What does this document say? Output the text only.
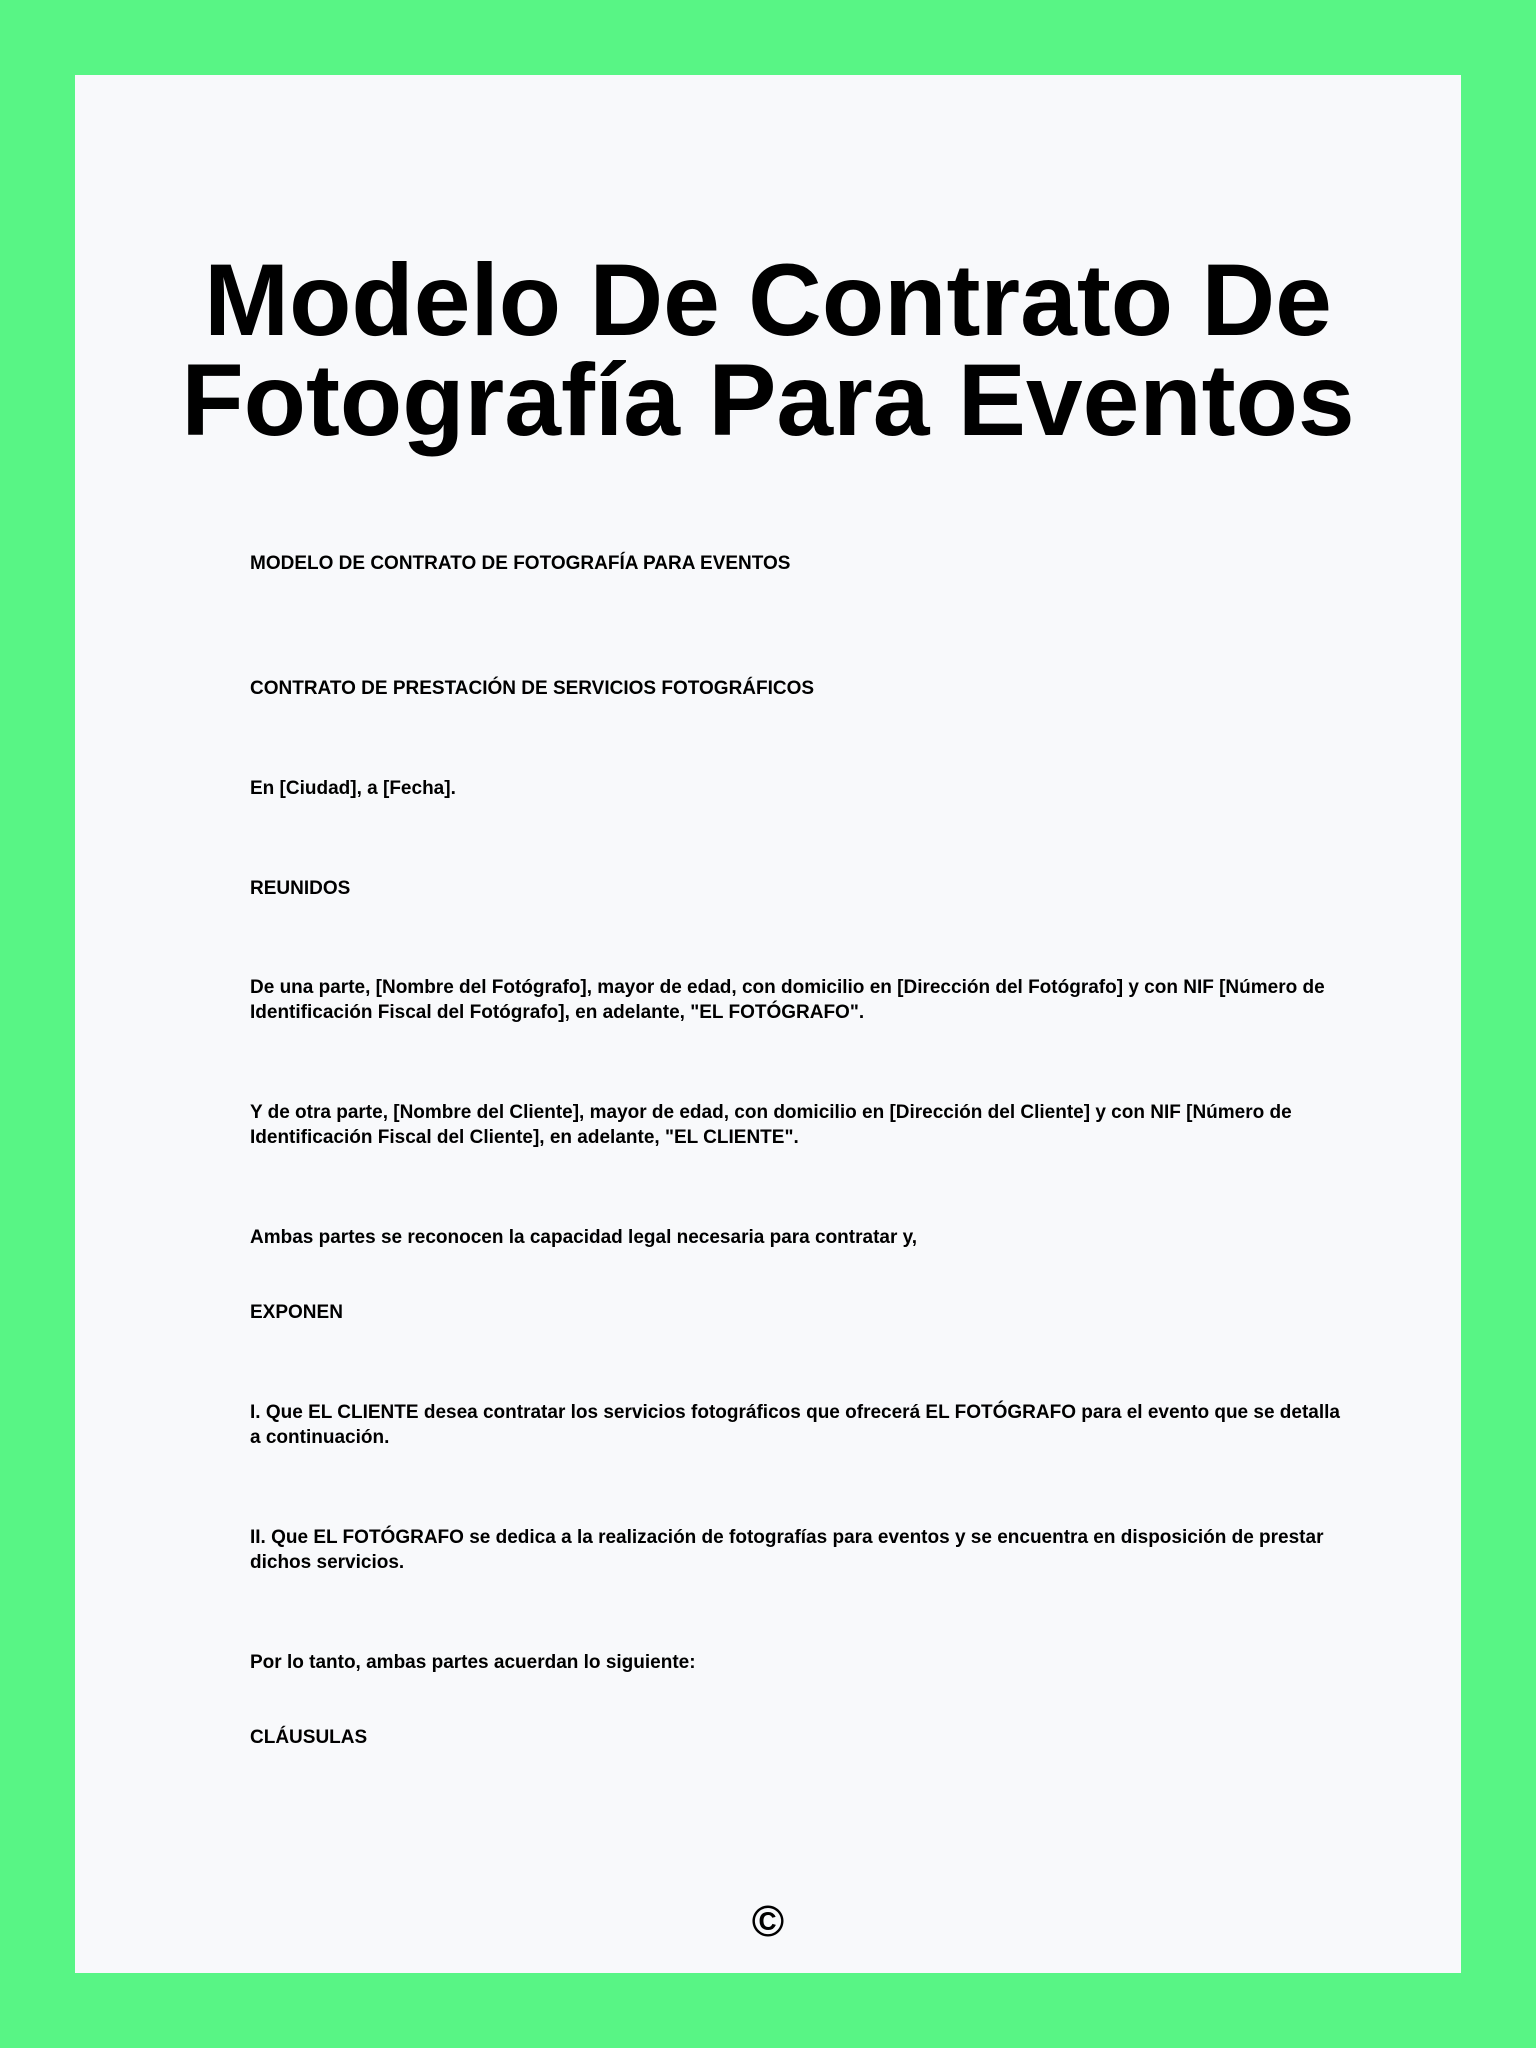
Modelo De Contrato De Fotografía Para Eventos

MODELO DE CONTRATO DE FOTOGRAFÍA PARA EVENTOS

CONTRATO DE PRESTACIÓN DE SERVICIOS FOTOGRÁFICOS

En [Ciudad], a [Fecha].

REUNIDOS

De una parte, [Nombre del Fotógrafo], mayor de edad, con domicilio en [Dirección del Fotógrafo] y con NIF [Número de Identificación Fiscal del Fotógrafo], en adelante, "EL FOTÓGRAFO".

Y de otra parte, [Nombre del Cliente], mayor de edad, con domicilio en [Dirección del Cliente] y con NIF [Número de Identificación Fiscal del Cliente], en adelante, "EL CLIENTE".

Ambas partes se reconocen la capacidad legal necesaria para contratar y,

EXPONEN

I. Que EL CLIENTE desea contratar los servicios fotográficos que ofrecerá EL FOTÓGRAFO para el evento que se detalla a continuación.

II. Que EL FOTÓGRAFO se dedica a la realización de fotografías para eventos y se encuentra en disposición de prestar dichos servicios.

Por lo tanto, ambas partes acuerdan lo siguiente:

CLÁUSULAS

©
